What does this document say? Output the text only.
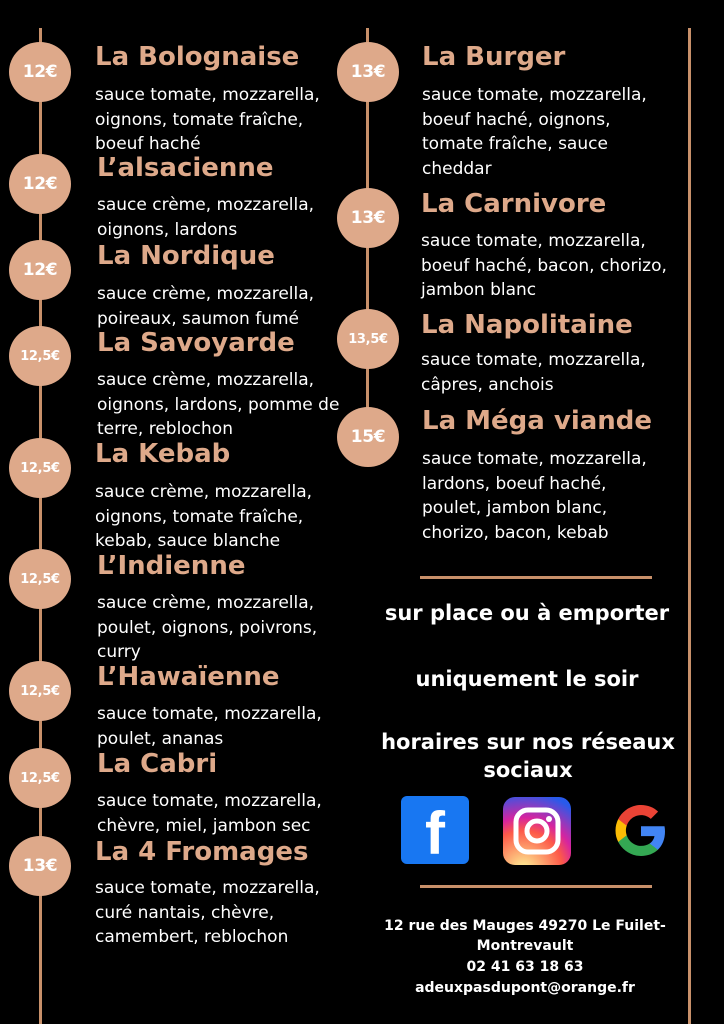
12€	La Bolognaise
sauce tomate, mozzarella,
oignons, tomate fraîche,
boeuf haché
12€
L’alsacienne
sauce crème, mozzarella,
oignons, lardons
12€	La Nordique
sauce crème, mozzarella,
poireaux, saumon fumé
12,5€	La Savoyarde
sauce crème, mozzarella,
oignons, lardons, pomme de
terre, reblochon
12,5€	La Kebab
sauce crème, mozzarella,
oignons, tomate fraîche,
kebab, sauce blanche
12,5€	L’Indienne
sauce crème, mozzarella,
poulet, oignons, poivrons,
curry
12,5€	L’Hawaïenne
sauce tomate, mozzarella,
poulet, ananas
12,5€	La Cabri
sauce tomate, mozzarella,
chèvre, miel, jambon sec
13€	La 4 Fromages
sauce tomate, mozzarella,
curé nantais, chèvre,
camembert, reblochon
13€	La Burger
sauce tomate, mozzarella,
boeuf haché, oignons,
tomate fraîche, sauce
cheddar
13€	La Carnivore
sauce tomate, mozzarella,
boeuf haché, bacon, chorizo,
jambon blanc
13,5€	La Napolitaine
sauce tomate, mozzarella,
câpres, anchois
15€
La Méga viande
sauce tomate, mozzarella,
lardons, boeuf haché,
poulet, jambon blanc,
chorizo, bacon, kebab
sur place ou à emporter
uniquement le soir
horaires sur nos réseaux sociaux
f
12 rue des Mauges 49270 Le Fuilet-Montrevault
02 41 63 18 63
adeuxpasdupont@orange.fr
